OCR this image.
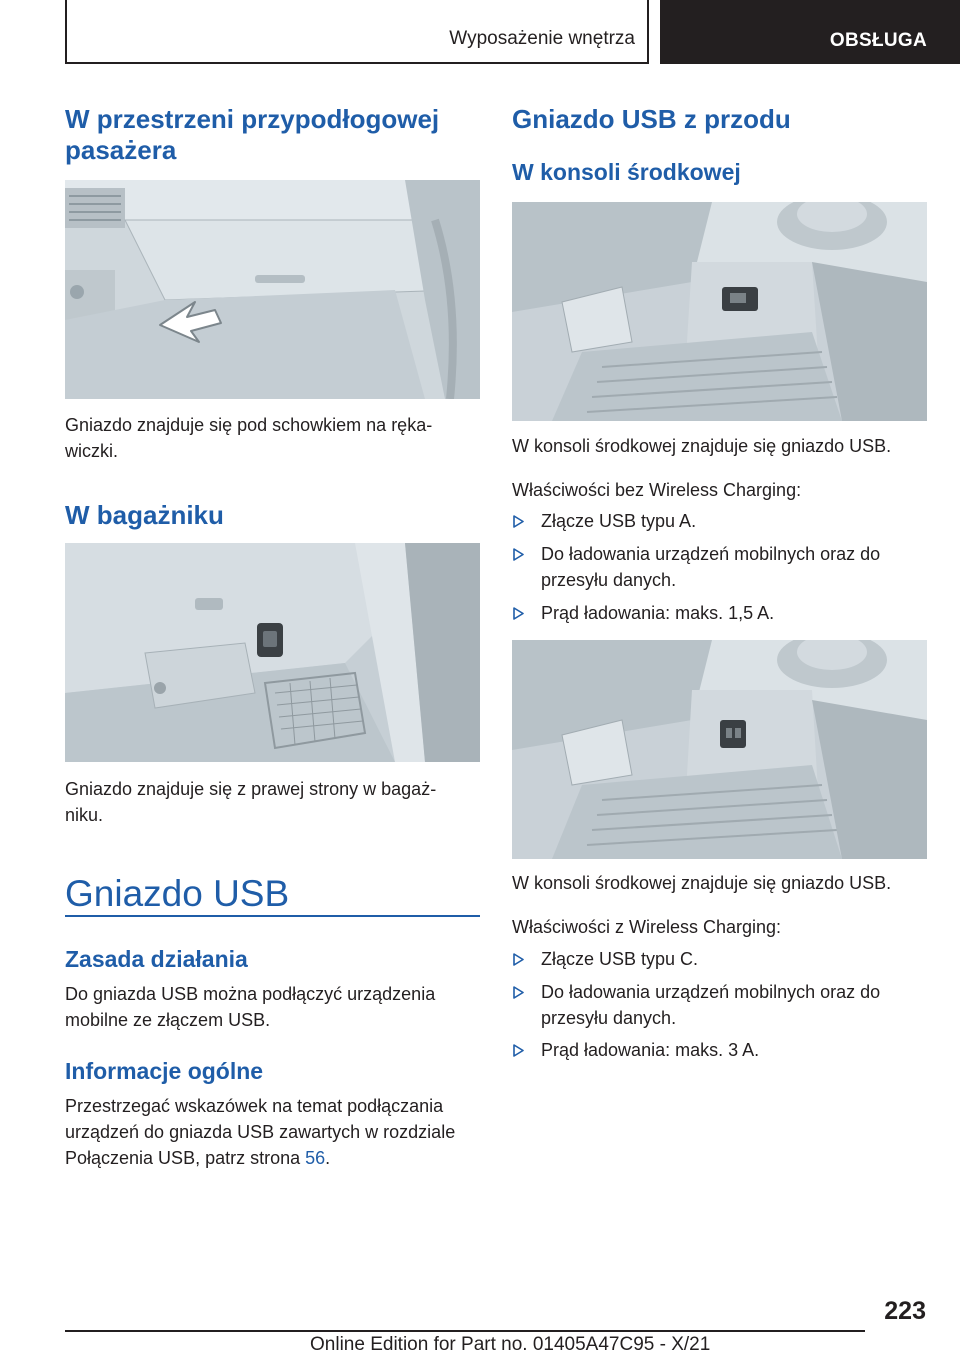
Wyposażenie wnętrza	OBSŁUGA

W przestrzeni przypodłogowej pasażera

Gniazdo znajduje się pod schowkiem na ręka-
wiczki.

W bagażniku

Gniazdo znajduje się z prawej strony w bagaż-
niku.

Gniazdo USB

Zasada działania

Do gniazda USB można podłączyć urządzenia
mobilne ze złączem USB.

Informacje ogólne

Przestrzegać wskazówek na temat podłączania
urządzeń do gniazda USB zawartych w rozdziale
Połączenia USB, patrz strona 56.

Gniazdo USB z przodu

W konsoli środkowej

W konsoli środkowej znajduje się gniazdo USB.

Właściwości bez Wireless Charging:

Złącze USB typu A.
Do ładowania urządzeń mobilnych oraz do
przesyłu danych.
Prąd ładowania: maks. 1,5 A.

W konsoli środkowej znajduje się gniazdo USB.

Właściwości z Wireless Charging:

Złącze USB typu C.
Do ładowania urządzeń mobilnych oraz do
przesyłu danych.
Prąd ładowania: maks. 3 A.
223
Online Edition for Part no. 01405A47C95 - X/21
